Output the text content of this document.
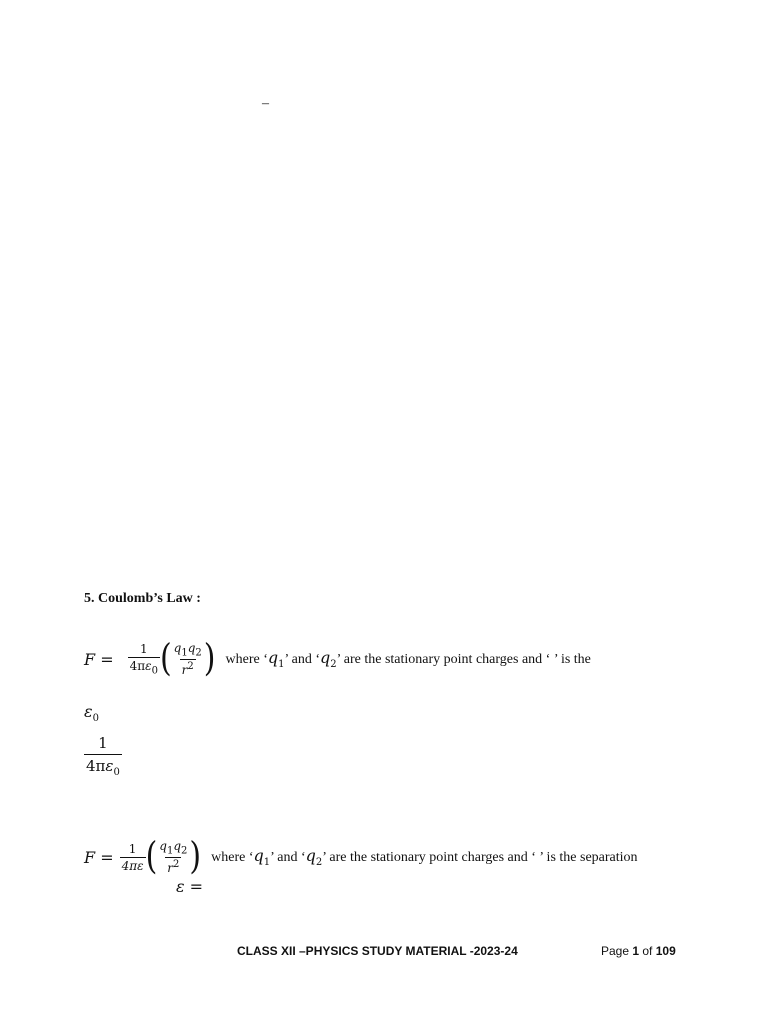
–
5. Coulomb’s Law :
$F = \frac{1}{4\pi\varepsilon_0}$ ( $\frac{q_1q_2}{r^2}$ ) where ‘$q_1$’ and ‘$q_2$’ are the stationary point charges and ‘ ’ is the
$\varepsilon_0$
$\frac{1}{4\pi\varepsilon_0}$
$F = \frac{1}{4\pi\varepsilon}$ ( $\frac{q_1q_2}{r^2}$ ) where ‘$q_1$’ and ‘$q_2$’ are the stationary point charges and ‘ ’ is the separation
ε =
CLASS XII –PHYSICS STUDY MATERIAL -2023-24	Page 1 of 109
